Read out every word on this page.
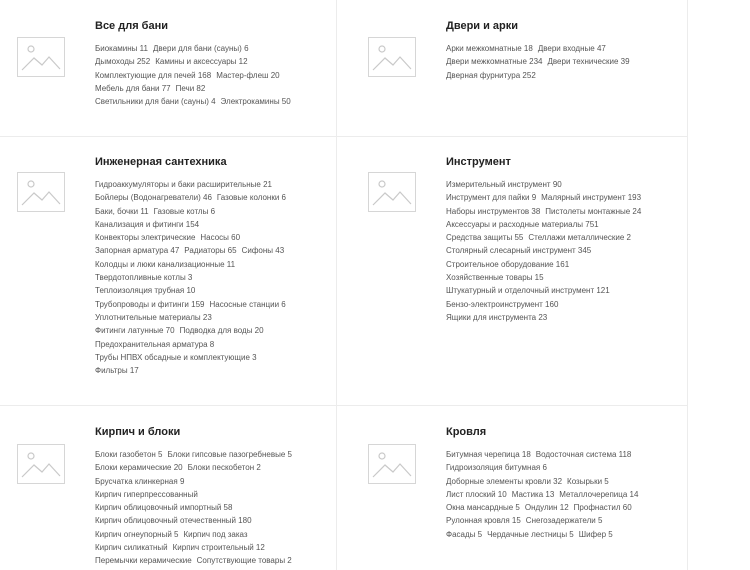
Все для бани
Биокамины 11 Двери для бани (сауны) 6
Дымоходы 252 Камины и аксессуары 12
Комплектующие для печей 168 Мастер-флеш 20
Мебель для бани 77 Печи 82
Светильники для бани (сауны) 4 Электрокамины 50
Двери и арки
Арки межкомнатные 18 Двери входные 47
Двери межкомнатные 234 Двери технические 39
Дверная фурнитура 252
Инженерная сантехника
Гидроаккумуляторы и баки расширительные 21
Бойлеры (Водонагреватели) 46 Газовые колонки 6
Баки, бочки 11 Газовые котлы 6
Канализация и фитинги 154
Конвекторы электрические Насосы 60
Запорная арматура 47 Радиаторы 65 Сифоны 43
Колодцы и люки канализационные 11
Твердотопливные котлы 3
Теплоизоляция трубная 10
Трубопроводы и фитинги 159 Насосные станции 6
Уплотнительные материалы 23
Фитинги латунные 70 Подводка для воды 20
Предохранительная арматура 8
Трубы НПВХ обсадные и комплектующие 3
Фильтры 17
Инструмент
Измерительный инструмент 90
Инструмент для пайки 9 Малярный инструмент 193
Наборы инструментов 38 Пистолеты монтажные 24
Аксессуары и расходные материалы 751
Средства защиты 55 Стеллажи металлические 2
Столярный слесарный инструмент 345
Строительное оборудование 161
Хозяйственные товары 15
Штукатурный и отделочный инструмент 121
Бензо-электроинструмент 160
Ящики для инструмента 23
Кирпич и блоки
Блоки газобетон 5 Блоки гипсовые пазогребневые 5
Блоки керамические 20 Блоки пескобетон 2
Брусчатка клинкерная 9
Кирпич гиперпрессованный
Кирпич облицовочный импортный 58
Кирпич облицовочный отечественный 180
Кирпич огнеупорный 5 Кирпич под заказ
Кирпич силикатный Кирпич строительный 12
Перемычки керамические Сопутствующие товары 2
Кровля
Битумная черепица 18 Водосточная система 118
Гидроизоляция битумная 6
Доборные элементы кровли 32 Козырьки 5
Лист плоский 10 Мастика 13 Металлочерепица 14
Окна мансардные 5 Ондулин 12 Профнастил 60
Рулонная кровля 15 Снегозадержатели 5
Фасады 5 Чердачные лестницы 5 Шифер 5
